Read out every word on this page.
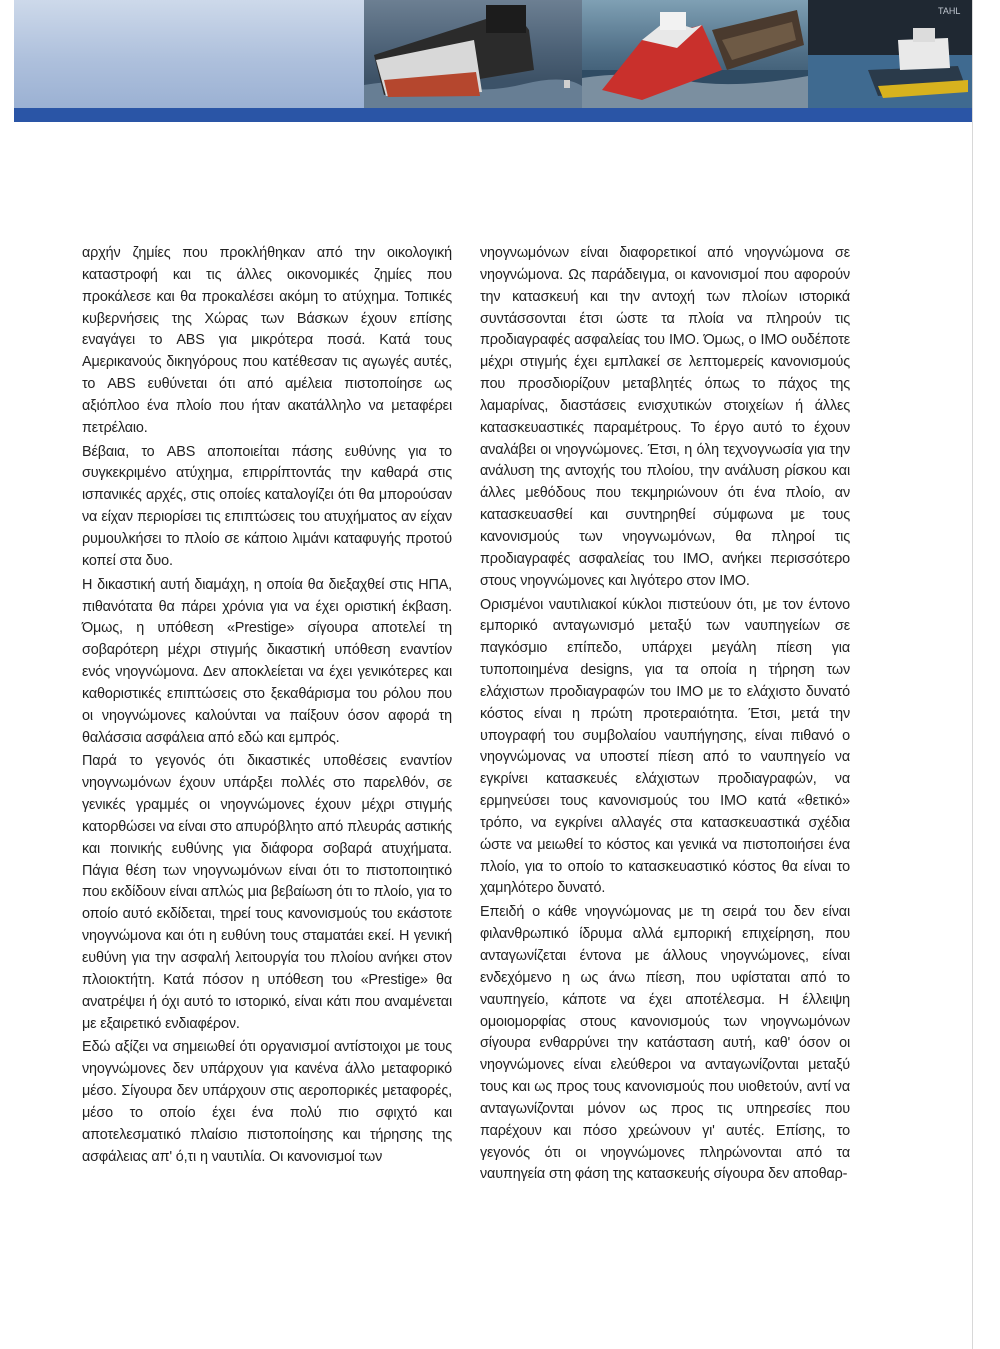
TAHL

αρχήν ζημίες που προκλήθηκαν από την οικολογική καταστροφή και τις άλλες οικονομικές ζημίες που προκάλεσε και θα προκαλέσει ακόμη το ατύχημα. Τοπικές κυβερνήσεις της Χώρας των Βάσκων έχουν επίσης εναγάγει το ABS για μικρότερα ποσά. Κατά τους Αμερικανούς δικηγόρους που κατέθεσαν τις αγωγές αυτές, το ABS ευθύνεται ότι από αμέλεια πιστοποίησε ως αξιόπλοο ένα πλοίο που ήταν ακατάλληλο να μεταφέρει πετρέλαιο.

Βέβαια, το ABS αποποιείται πάσης ευθύνης για το συγκεκριμένο ατύχημα, επιρρίπτοντάς την καθαρά στις ισπανικές αρχές, στις οποίες καταλογίζει ότι θα μπορούσαν να είχαν περιορίσει τις επιπτώσεις του ατυχήματος αν είχαν ρυμουλκήσει το πλοίο σε κάποιο λιμάνι καταφυγής προτού κοπεί στα δυο.

Η δικαστική αυτή διαμάχη, η οποία θα διεξαχθεί στις ΗΠΑ, πιθανότατα θα πάρει χρόνια για να έχει οριστική έκβαση. Όμως, η υπόθεση «Prestige» σίγουρα αποτελεί τη σοβαρότερη μέχρι στιγμής δικαστική υπόθεση εναντίον ενός νηογνώμονα. Δεν αποκλείεται να έχει γενικότερες και καθοριστικές επιπτώσεις στο ξεκαθάρισμα του ρόλου που οι νηογνώμονες καλούνται να παίξουν όσον αφορά τη θαλάσσια ασφάλεια από εδώ και εμπρός.

Παρά το γεγονός ότι δικαστικές υποθέσεις εναντίον νηογνωμόνων έχουν υπάρξει πολλές στο παρελθόν, σε γενικές γραμμές οι νηογνώμονες έχουν μέχρι στιγμής κατορθώσει να είναι στο απυρόβλητο από πλευράς αστικής και ποινικής ευθύνης για διάφορα σοβαρά ατυχήματα. Πάγια θέση των νηογνωμόνων είναι ότι το πιστοποιητικό που εκδίδουν είναι απλώς μια βεβαίωση ότι το πλοίο, για το οποίο αυτό εκδίδεται, τηρεί τους κανονισμούς του εκάστοτε νηογνώμονα και ότι η ευθύνη τους σταματάει εκεί. Η γενική ευθύνη για την ασφαλή λειτουργία του πλοίου ανήκει στον πλοιοκτήτη. Κατά πόσον η υπόθεση του «Prestige» θα ανατρέψει ή όχι αυτό το ιστορικό, είναι κάτι που αναμένεται με εξαιρετικό ενδιαφέρον.

Εδώ αξίζει να σημειωθεί ότι οργανισμοί αντίστοιχοι με τους νηογνώμονες δεν υπάρχουν για κανένα άλλο μεταφορικό μέσο. Σίγουρα δεν υπάρχουν στις αεροπορικές μεταφορές, μέσο το οποίο έχει ένα πολύ πιο σφιχτό και αποτελεσματικό πλαίσιο πιστοποίησης και τήρησης της ασφάλειας απ' ό,τι η ναυτιλία. Οι κανονισμοί των

νηογνωμόνων είναι διαφορετικοί από νηογνώμονα σε νηογνώμονα. Ως παράδειγμα, οι κανονισμοί που αφορούν την κατασκευή και την αντοχή των πλοίων ιστορικά συντάσσονται έτσι ώστε τα πλοία να πληρούν τις προδιαγραφές ασφαλείας του IMO. Όμως, ο IMO ουδέποτε μέχρι στιγμής έχει εμπλακεί σε λεπτομερείς κανονισμούς που προσδιορίζουν μεταβλητές όπως το πάχος της λαμαρίνας, διαστάσεις ενισχυτικών στοιχείων ή άλλες κατασκευαστικές παραμέτρους. Το έργο αυτό το έχουν αναλάβει οι νηογνώμονες. Έτσι, η όλη τεχνογνωσία για την ανάλυση της αντοχής του πλοίου, την ανάλυση ρίσκου και άλλες μεθόδους που τεκμηριώνουν ότι ένα πλοίο, αν κατασκευασθεί και συντηρηθεί σύμφωνα με τους κανονισμούς των νηογνωμόνων, θα πληροί τις προδιαγραφές ασφαλείας του IMO, ανήκει περισσότερο στους νηογνώμονες και λιγότερο στον IMO.

Ορισμένοι ναυτιλιακοί κύκλοι πιστεύουν ότι, με τον έντονο εμπορικό ανταγωνισμό μεταξύ των ναυπηγείων σε παγκόσμιο επίπεδο, υπάρχει μεγάλη πίεση για τυποποιημένα designs, για τα οποία η τήρηση των ελάχιστων προδιαγραφών του IMO με το ελάχιστο δυνατό κόστος είναι η πρώτη προτεραιότητα. Έτσι, μετά την υπογραφή του συμβολαίου ναυπήγησης, είναι πιθανό ο νηογνώμονας να υποστεί πίεση από το ναυπηγείο να εγκρίνει κατασκευές ελάχιστων προδιαγραφών, να ερμηνεύσει τους κανονισμούς του IMO κατά «θετικό» τρόπο, να εγκρίνει αλλαγές στα κατασκευαστικά σχέδια ώστε να μειωθεί το κόστος και γενικά να πιστοποιήσει ένα πλοίο, για το οποίο το κατασκευαστικό κόστος θα είναι το χαμηλότερο δυνατό.

Επειδή ο κάθε νηογνώμονας με τη σειρά του δεν είναι φιλανθρωπικό ίδρυμα αλλά εμπορική επιχείρηση, που ανταγωνίζεται έντονα με άλλους νηογνώμονες, είναι ενδεχόμενο η ως άνω πίεση, που υφίσταται από το ναυπηγείο, κάποτε να έχει αποτέλεσμα. Η έλλειψη ομοιομορφίας στους κανονισμούς των νηογνωμόνων σίγουρα ενθαρρύνει την κατάσταση αυτή, καθ' όσον οι νηογνώμονες είναι ελεύθεροι να ανταγωνίζονται μεταξύ τους και ως προς τους κανονισμούς που υιοθετούν, αντί να ανταγωνίζονται μόνον ως προς τις υπηρεσίες που παρέχουν και πόσο χρεώνουν γι' αυτές. Επίσης, το γεγονός ότι οι νηογνώμονες πληρώνονται από τα ναυπηγεία στη φάση της κατασκευής σίγουρα δεν αποθαρ-
